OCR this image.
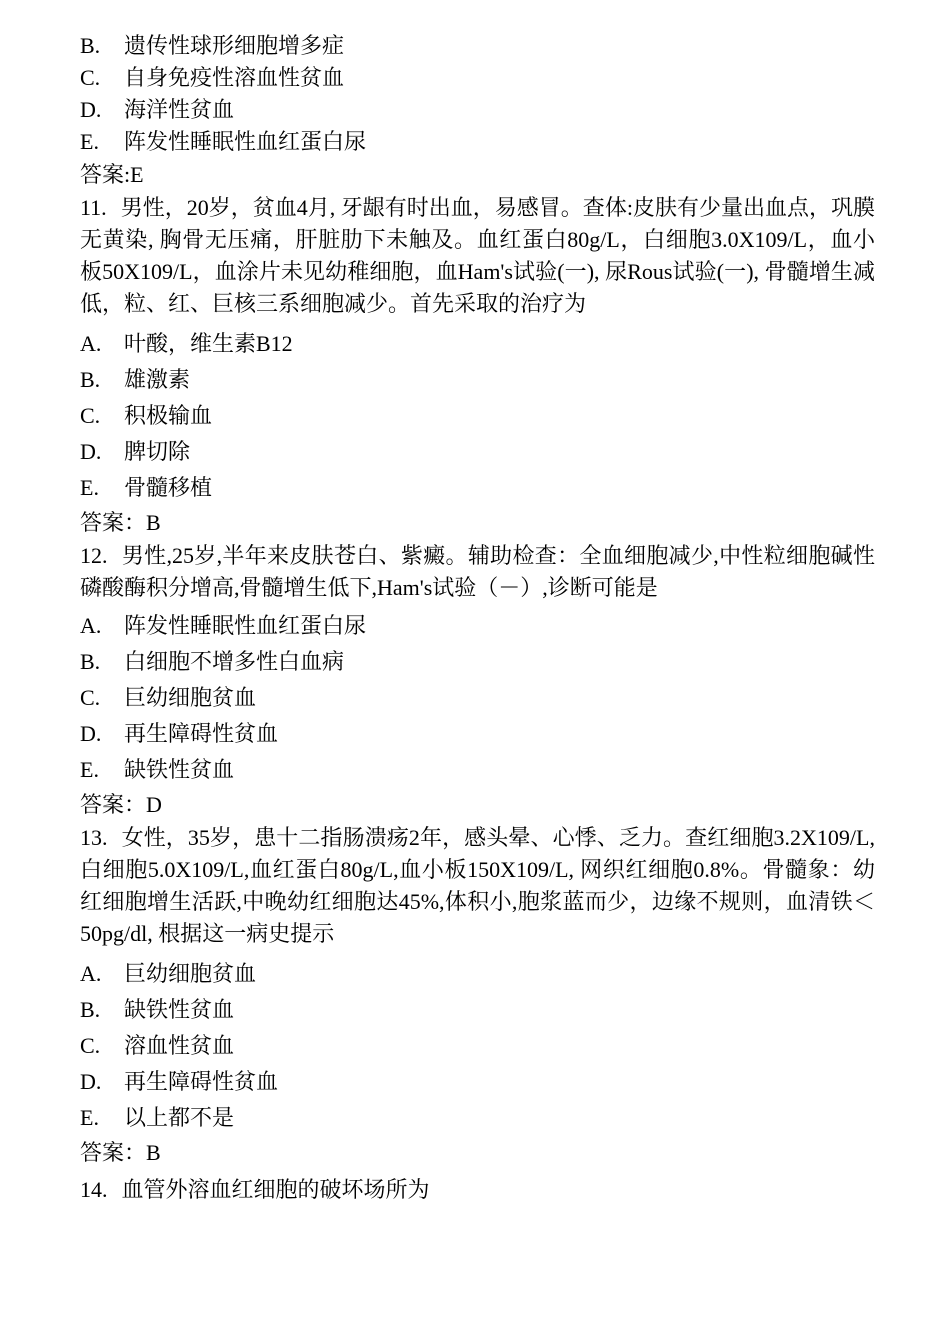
B. 遗传性球形细胞增多症

C. 自身免疫性溶血性贫血

D. 海洋性贫血

E. 阵发性睡眠性血红蛋白尿

答案:E

11. 男性，20岁，贫血4月, 牙龈有时出血，易感冒。查体:皮肤有少量出血点，巩膜无黄染, 胸骨无压痛，肝脏肋下未触及。血红蛋白80g/L，白细胞3.0X109/L，血小板50X109/L，血涂片未见幼稚细胞，血Ham's试验(一), 尿Rous试验(一), 骨髓增生减低，粒、红、巨核三系细胞减少。首先采取的治疗为

A. 叶酸，维生素B12

B. 雄激素

C. 积极输血

D. 脾切除

E. 骨髓移植

答案：B

12. 男性,25岁,半年来皮肤苍白、紫癜。辅助检查：全血细胞减少,中性粒细胞碱性磷酸酶积分增高,骨髓增生低下,Ham's试验（－）,诊断可能是

A. 阵发性睡眠性血红蛋白尿

B. 白细胞不增多性白血病

C. 巨幼细胞贫血

D. 再生障碍性贫血

E. 缺铁性贫血

答案：D

13. 女性，35岁，患十二指肠溃疡2年，感头晕、心悸、乏力。查红细胞3.2X109/L, 白细胞5.0X109/L,血红蛋白80g/L,血小板150X109/L, 网织红细胞0.8%。骨髓象：幼红细胞增生活跃,中晚幼红细胞达45%,体积小,胞浆蓝而少，边缘不规则，血清铁＜50pg/dl, 根据这一病史提示

A. 巨幼细胞贫血

B. 缺铁性贫血

C. 溶血性贫血

D. 再生障碍性贫血

E. 以上都不是

答案：B

14. 血管外溶血红细胞的破坏场所为
